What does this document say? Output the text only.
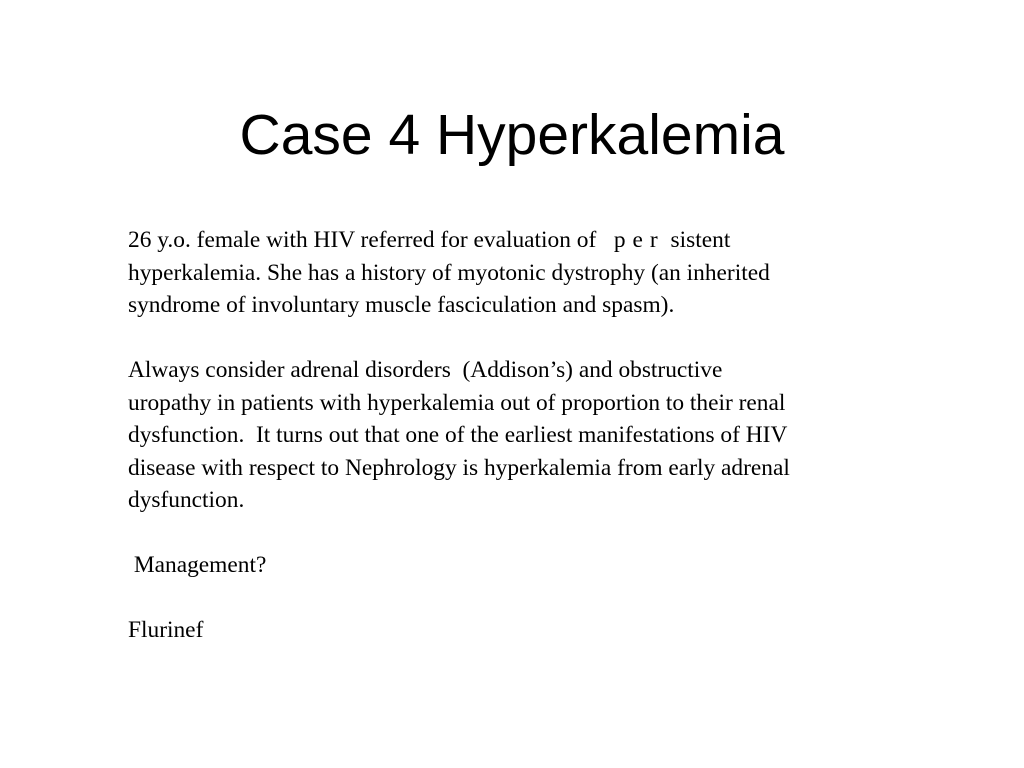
Case 4 Hyperkalemia

26 y.o. female with HIV referred for evaluation of   per sistent
hyperkalemia. She has a history of myotonic dystrophy (an inherited
syndrome of involuntary muscle fasciculation and spasm).

Always consider adrenal disorders  (Addison’s) and obstructive
uropathy in patients with hyperkalemia out of proportion to their renal
dysfunction.  It turns out that one of the earliest manifestations of HIV
disease with respect to Nephrology is hyperkalemia from early adrenal
dysfunction.

Management?

Flurinef
